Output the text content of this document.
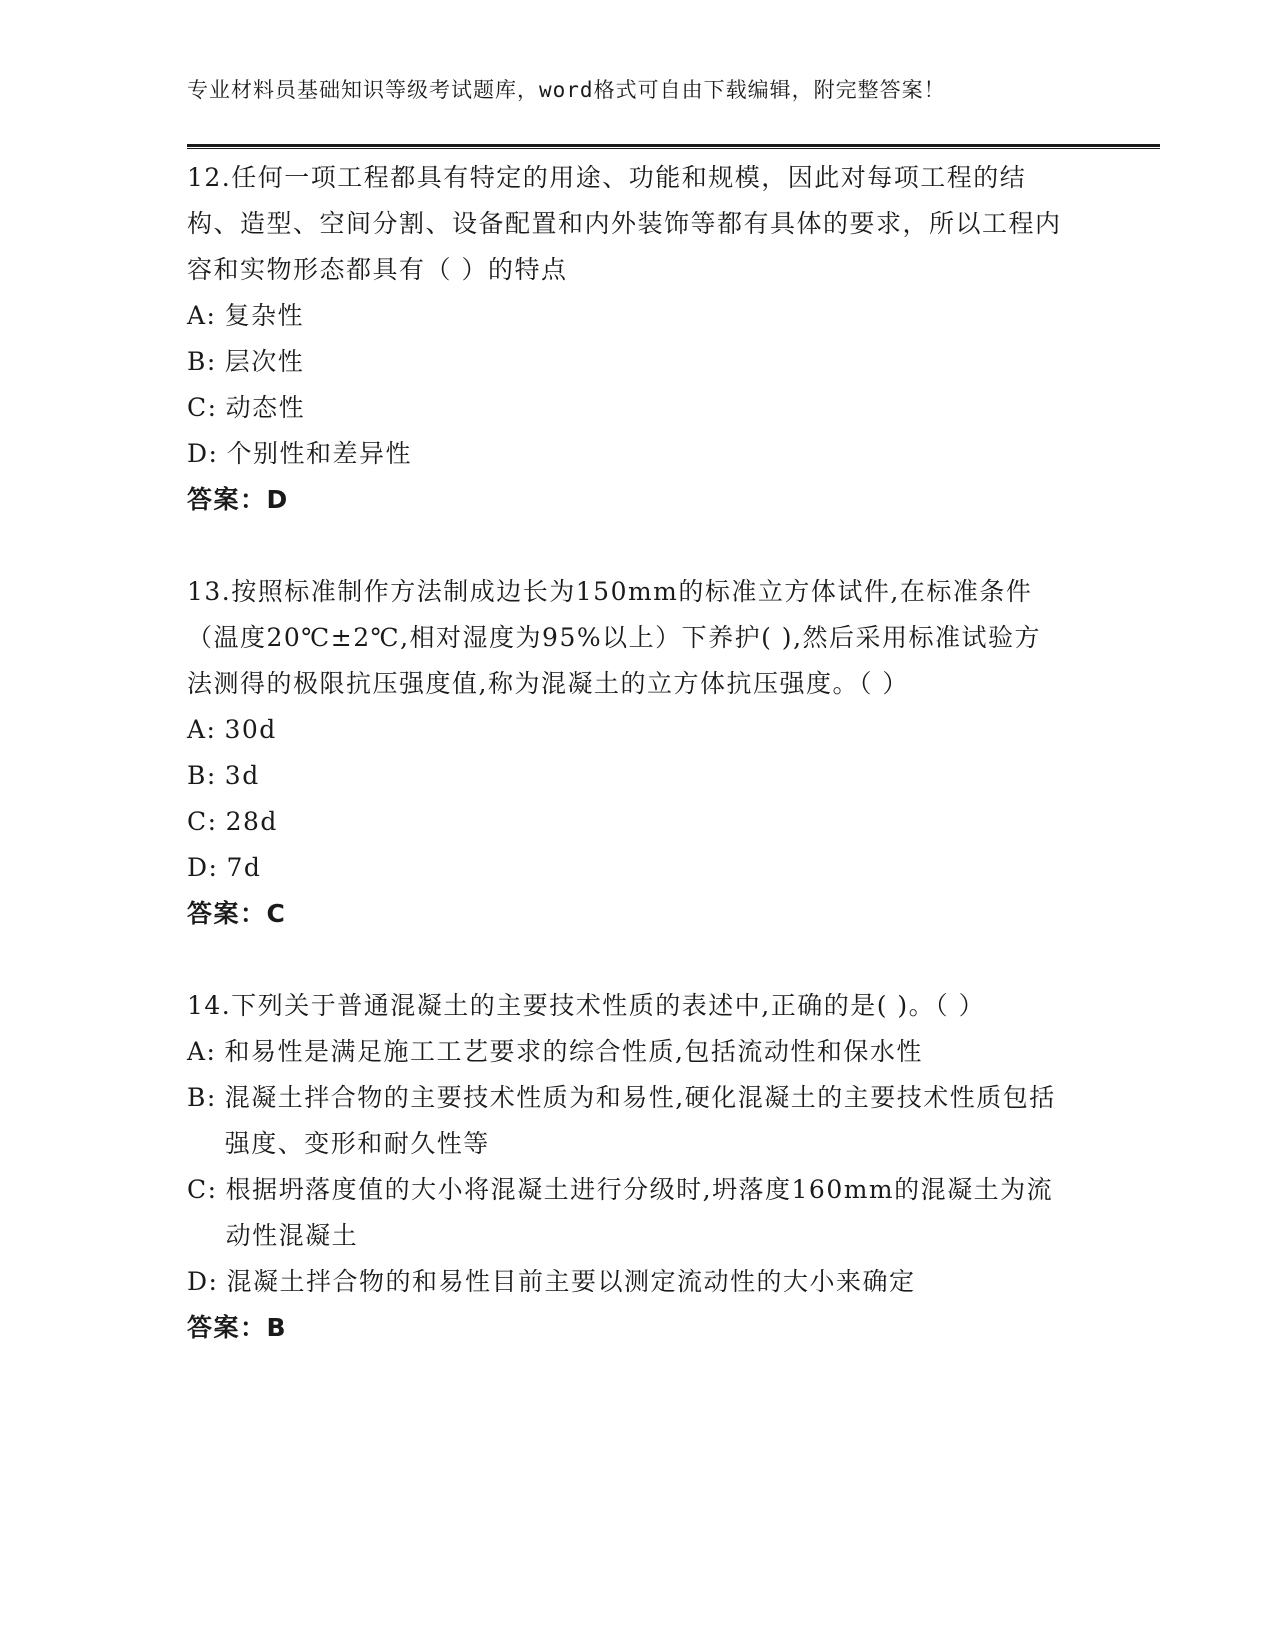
专业材料员基础知识等级考试题库，word格式可自由下载编辑，附完整答案！

12.任何一项工程都具有特定的用途、功能和规模，因此对每项工程的结构、造型、空间分割、设备配置和内外装饰等都有具体的要求，所以工程内容和实物形态都具有（ ）的特点

A: 复杂性
B: 层次性
C: 动态性
D: 个别性和差异性

答案：D

13.按照标准制作方法制成边长为150mm的标准立方体试件,在标准条件（温度20℃±2℃,相对湿度为95%以上）下养护( ),然后采用标准试验方法测得的极限抗压强度值,称为混凝土的立方体抗压强度。（ ）

A: 30d
B: 3d
C: 28d
D: 7d

答案：C

14.下列关于普通混凝土的主要技术性质的表述中,正确的是( )。（ ）

A: 和易性是满足施工工艺要求的综合性质,包括流动性和保水性
B: 混凝土拌合物的主要技术性质为和易性,硬化混凝土的主要技术性质包括强度、变形和耐久性等
C: 根据坍落度值的大小将混凝土进行分级时,坍落度160mm的混凝土为流动性混凝土
D: 混凝土拌合物的和易性目前主要以测定流动性的大小来确定

答案：B
